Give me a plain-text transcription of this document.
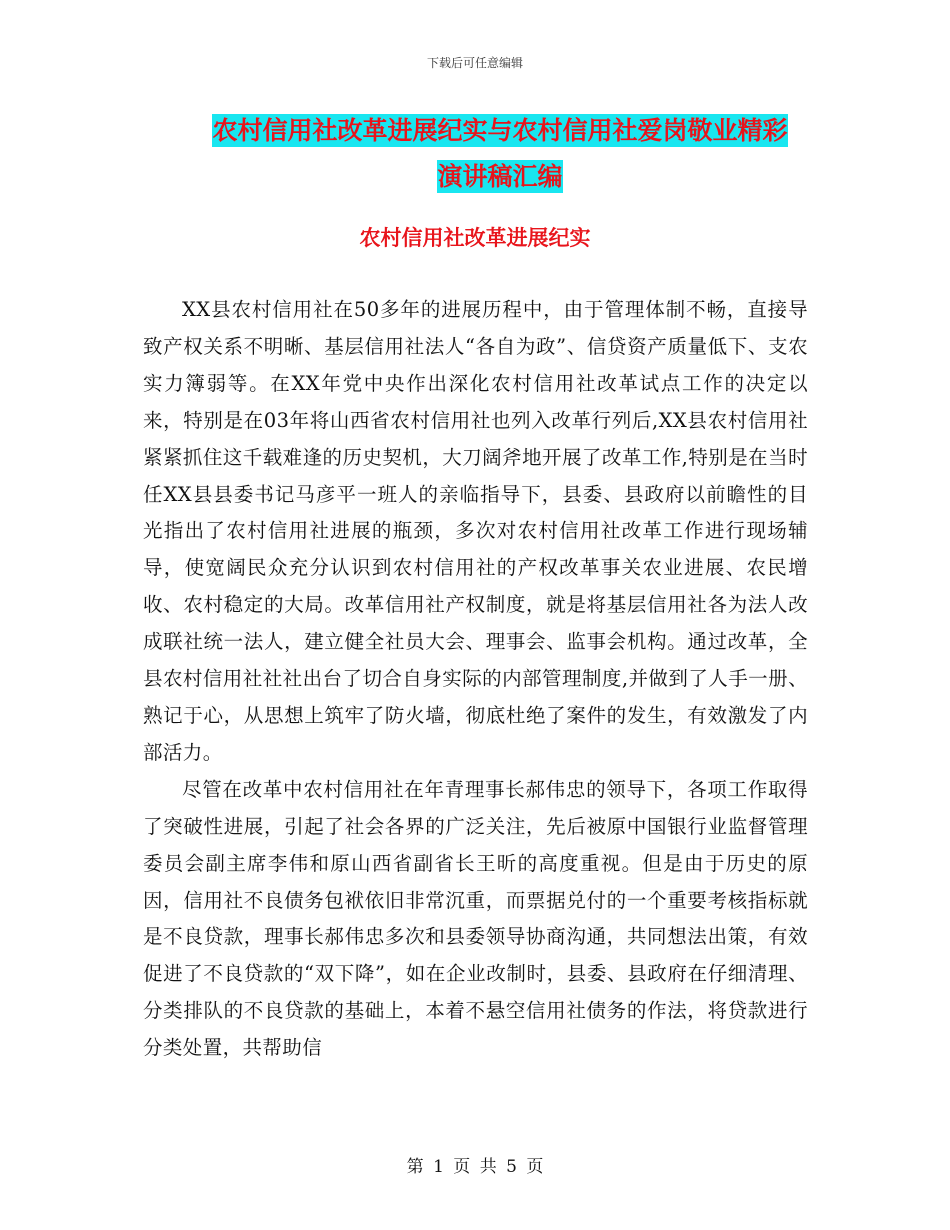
下载后可任意编辑
农村信用社改革进展纪实与农村信用社爱岗敬业精彩
演讲稿汇编
农村信用社改革进展纪实

XX县农村信用社在50多年的进展历程中，由于管理体制不畅，直接导致产权关系不明晰、基层信用社法人“各自为政”、信贷资产质量低下、支农实力簿弱等。在XX年党中央作出深化农村信用社改革试点工作的决定以来，特别是在03年将山西省农村信用社也列入改革行列后,XX县农村信用社紧紧抓住这千载难逢的历史契机，大刀阔斧地开展了改革工作,特别是在当时任XX县县委书记马彦平一班人的亲临指导下，县委、县政府以前瞻性的目光指出了农村信用社进展的瓶颈，多次对农村信用社改革工作进行现场辅导，使宽阔民众充分认识到农村信用社的产权改革事关农业进展、农民增收、农村稳定的大局。改革信用社产权制度，就是将基层信用社各为法人改成联社统一法人，建立健全社员大会、理事会、监事会机构。通过改革，全县农村信用社社社出台了切合自身实际的内部管理制度,并做到了人手一册、熟记于心，从思想上筑牢了防火墙，彻底杜绝了案件的发生，有效激发了内部活力。

尽管在改革中农村信用社在年青理事长郝伟忠的领导下，各项工作取得了突破性进展，引起了社会各界的广泛关注，先后被原中国银行业监督管理委员会副主席李伟和原山西省副省长王昕的高度重视。但是由于历史的原因，信用社不良债务包袱依旧非常沉重，而票据兑付的一个重要考核指标就是不良贷款，理事长郝伟忠多次和县委领导协商沟通，共同想法出策，有效促进了不良贷款的“双下降”，如在企业改制时，县委、县政府在仔细清理、分类排队的不良贷款的基础上，本着不悬空信用社债务的作法，将贷款进行分类处置，共帮助信

第 1 页 共 5 页
